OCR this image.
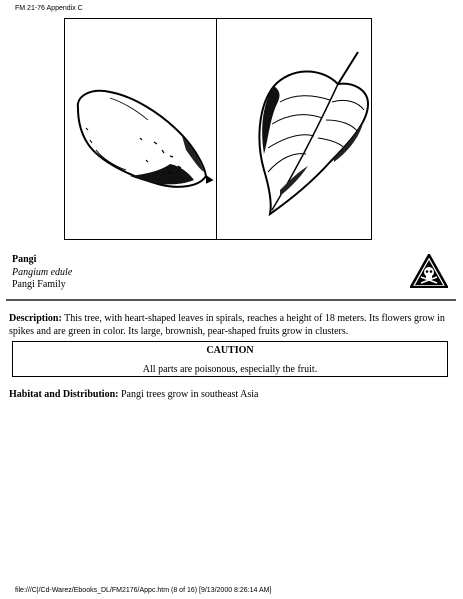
FM 21-76 Appendix C
Pangi
Pangium edule
Pangi Family

Description: This tree, with heart-shaped leaves in spirals, reaches a height of 18 meters. Its flowers grow in spikes and are green in color. Its large, brownish, pear-shaped fruits grow in clusters.

CAUTION
All parts are poisonous, especially the fruit.

Habitat and Distribution: Pangi trees grow in southeast Asia

file:///C|/Cd-Warez/Ebooks_DL/FM2176/Appc.htm (8 of 16) [9/13/2000 8:26:14 AM]
